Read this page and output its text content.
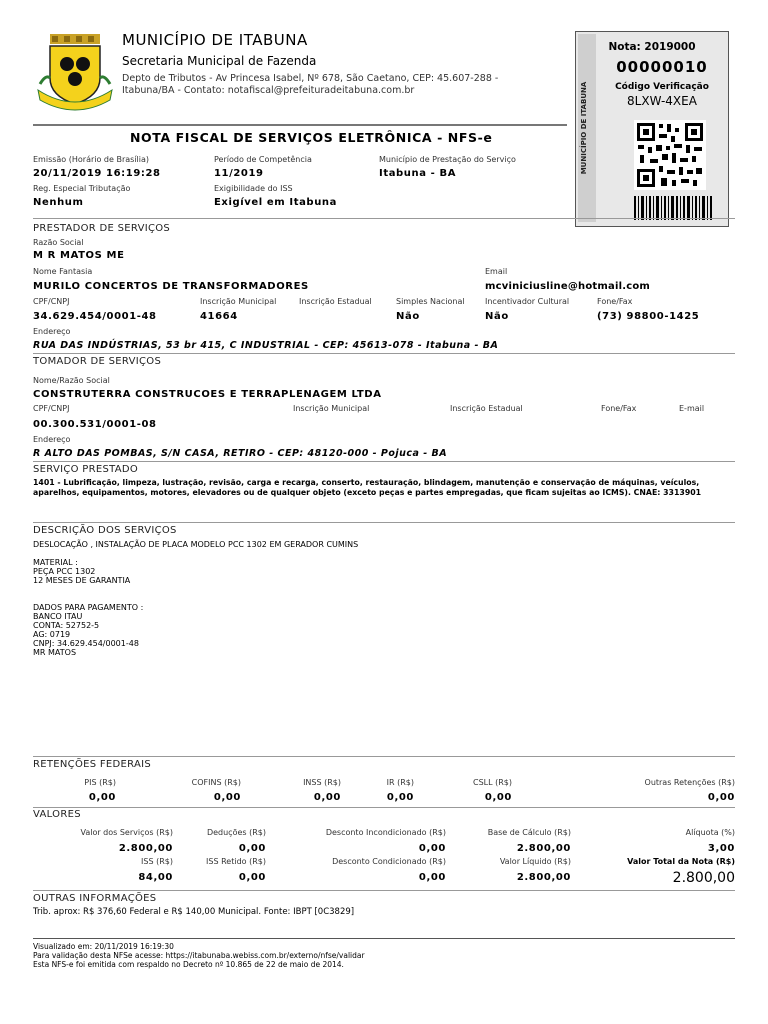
MUNICÍPIO DE ITABUNA
Secretaria Municipal de Fazenda
Depto de Tributos - Av Princesa Isabel, Nº 678, São Caetano, CEP: 45.607-288 -
Itabuna/BA - Contato: notafiscal@prefeituradeitabuna.com.br	MUNICÍPIO DE ITABUNA
Nota: 2019000
00000010
Código Verificação
8LXW-4XEA
NOTA FISCAL DE SERVIÇOS ELETRÔNICA - NFS-e
Emissão (Horário de Brasília)
20/11/2019 16:19:28
Período de Competência
11/2019
Município de Prestação do Serviço
Itabuna - BA
Reg. Especial Tributação
Nenhum
Exigibilidade do ISS
Exigível em Itabuna
PRESTADOR DE SERVIÇOS
Razão Social
M R MATOS ME
Nome Fantasia
MURILO CONCERTOS DE TRANSFORMADORES
Email
mcviniciusline@hotmail.com
CPF/CNPJ
34.629.454/0001-48
Inscrição Municipal
41664
Inscrição Estadual	Simples Nacional
Não
Incentivador Cultural
Não
Fone/Fax
(73) 98800-1425
Endereço
RUA DAS INDÚSTRIAS, 53 br 415, C INDUSTRIAL - CEP: 45613-078 - Itabuna - BA
TOMADOR DE SERVIÇOS
Nome/Razão Social
CONSTRUTERRA CONSTRUCOES E TERRAPLENAGEM LTDA
CPF/CNPJ
00.300.531/0001-08
Inscrição Municipal	Inscrição Estadual	Fone/Fax	E-mail
Endereço
R ALTO DAS POMBAS, S/N CASA, RETIRO - CEP: 48120-000 - Pojuca - BA
SERVIÇO PRESTADO
1401 - Lubrificação, limpeza, lustração, revisão, carga e recarga, conserto, restauração, blindagem, manutenção e conservação de máquinas, veículos,
aparelhos, equipamentos, motores, elevadores ou de qualquer objeto (exceto peças e partes empregadas, que ficam sujeitas ao ICMS). CNAE: 3313901
DESCRIÇÃO DOS SERVIÇOS
DESLOCAÇÃO , INSTALAÇÃO DE PLACA MODELO PCC 1302 EM GERADOR CUMINS
MATERIAL :
PEÇA PCC 1302
12 MESES DE GARANTIA
DADOS PARA PAGAMENTO :
BANCO ITAU
CONTA: 52752-5
AG: 0719
CNPJ: 34.629.454/0001-48
MR MATOS
RETENÇÕES FEDERAIS
PIS (R$)
0,00
COFINS (R$)
0,00
INSS (R$)
0,00
IR (R$)
0,00
CSLL (R$)
0,00
Outras Retenções (R$)
0,00
VALORES
Valor dos Serviços (R$)
2.800,00
Deduções (R$)
0,00
Desconto Incondicionado (R$)
0,00
Base de Cálculo (R$)
2.800,00
Alíquota (%)
3,00
ISS (R$)
84,00
ISS Retido (R$)
0,00
Desconto Condicionado (R$)
0,00
Valor Líquido (R$)
2.800,00
Valor Total da Nota (R$)
2.800,00
OUTRAS INFORMAÇÕES
Trib. aprox: R$ 376,60 Federal e R$ 140,00 Municipal. Fonte: IBPT [0C3829]
Visualizado em: 20/11/2019 16:19:30
Para validação desta NFSe acesse: https://itabunaba.webiss.com.br/externo/nfse/validar
Esta NFS-e foi emitida com respaldo no Decreto nº 10.865 de 22 de maio de 2014.
